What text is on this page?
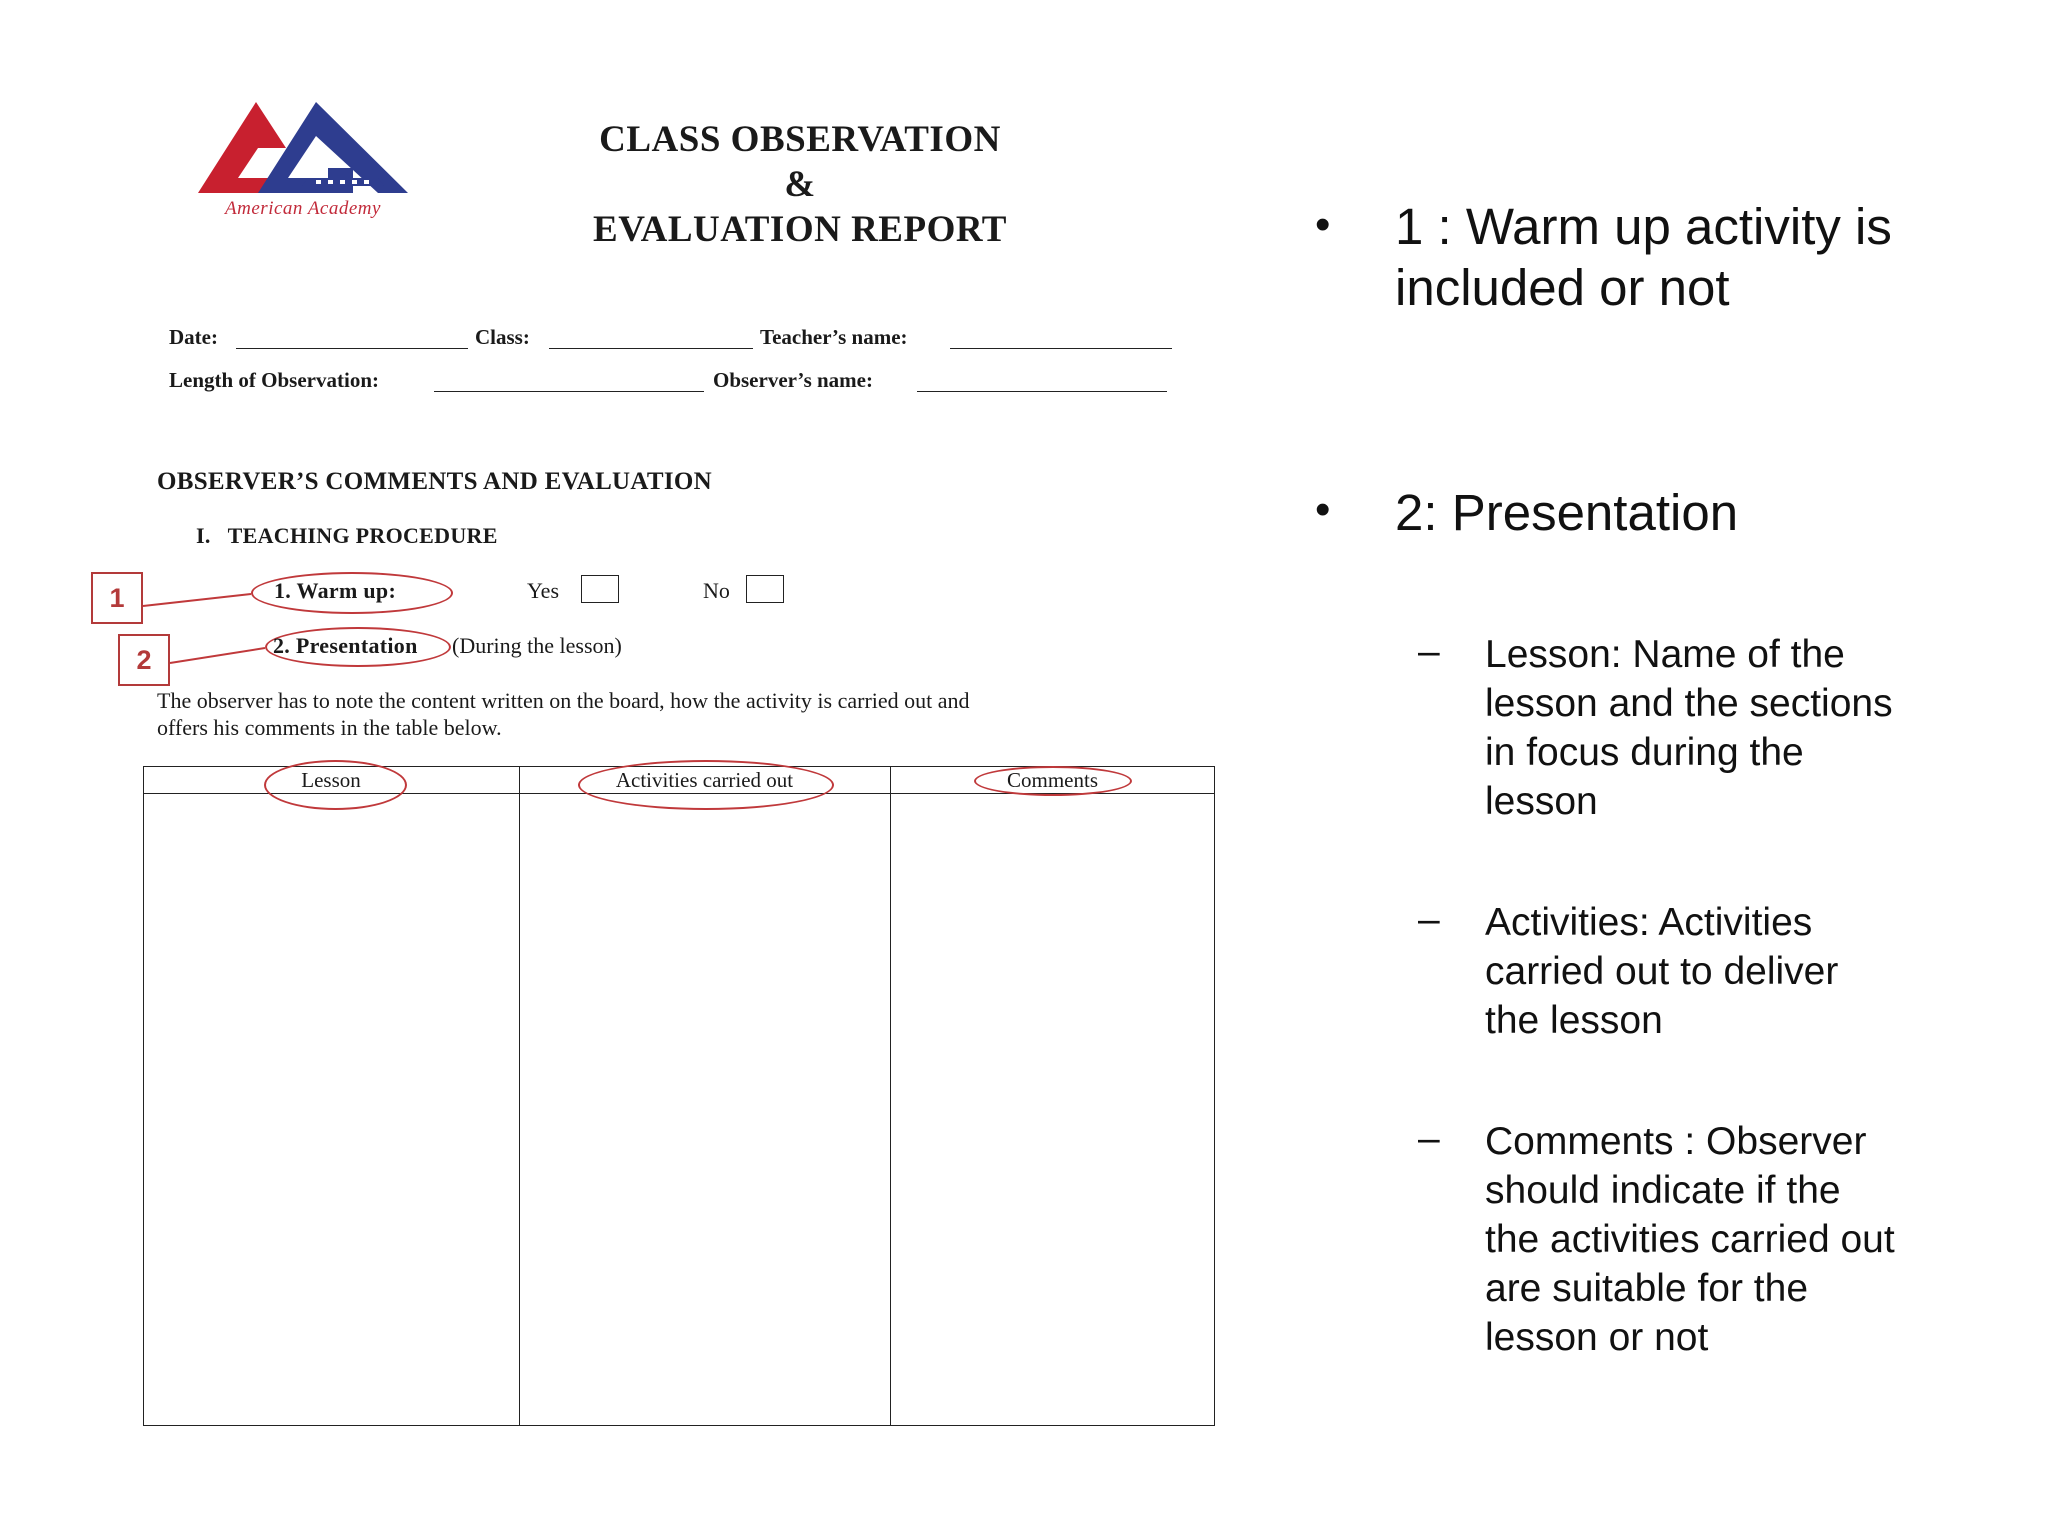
American Academy
CLASS OBSERVATION
&
EVALUATION REPORT
Date:	Class:	Teacher’s name:
Length of Observation:	Observer’s name:
OBSERVER’S COMMENTS AND EVALUATION
I.   TEACHING PROCEDURE
1. Warm up:	Yes	No
2. Presentation (During the lesson)
1
2
The observer has to note the content written on the board, how the activity is carried out and
offers his comments in the table below.
Lesson	Activities carried out	Comments
• 1 : Warm up activity is
included or not
• 2: Presentation
– Lesson: Name of the
lesson and the sections
in focus during the
lesson
– Activities: Activities
carried out to deliver
the lesson
– Comments : Observer
should indicate if the
the activities carried out
are suitable for the
lesson or not
